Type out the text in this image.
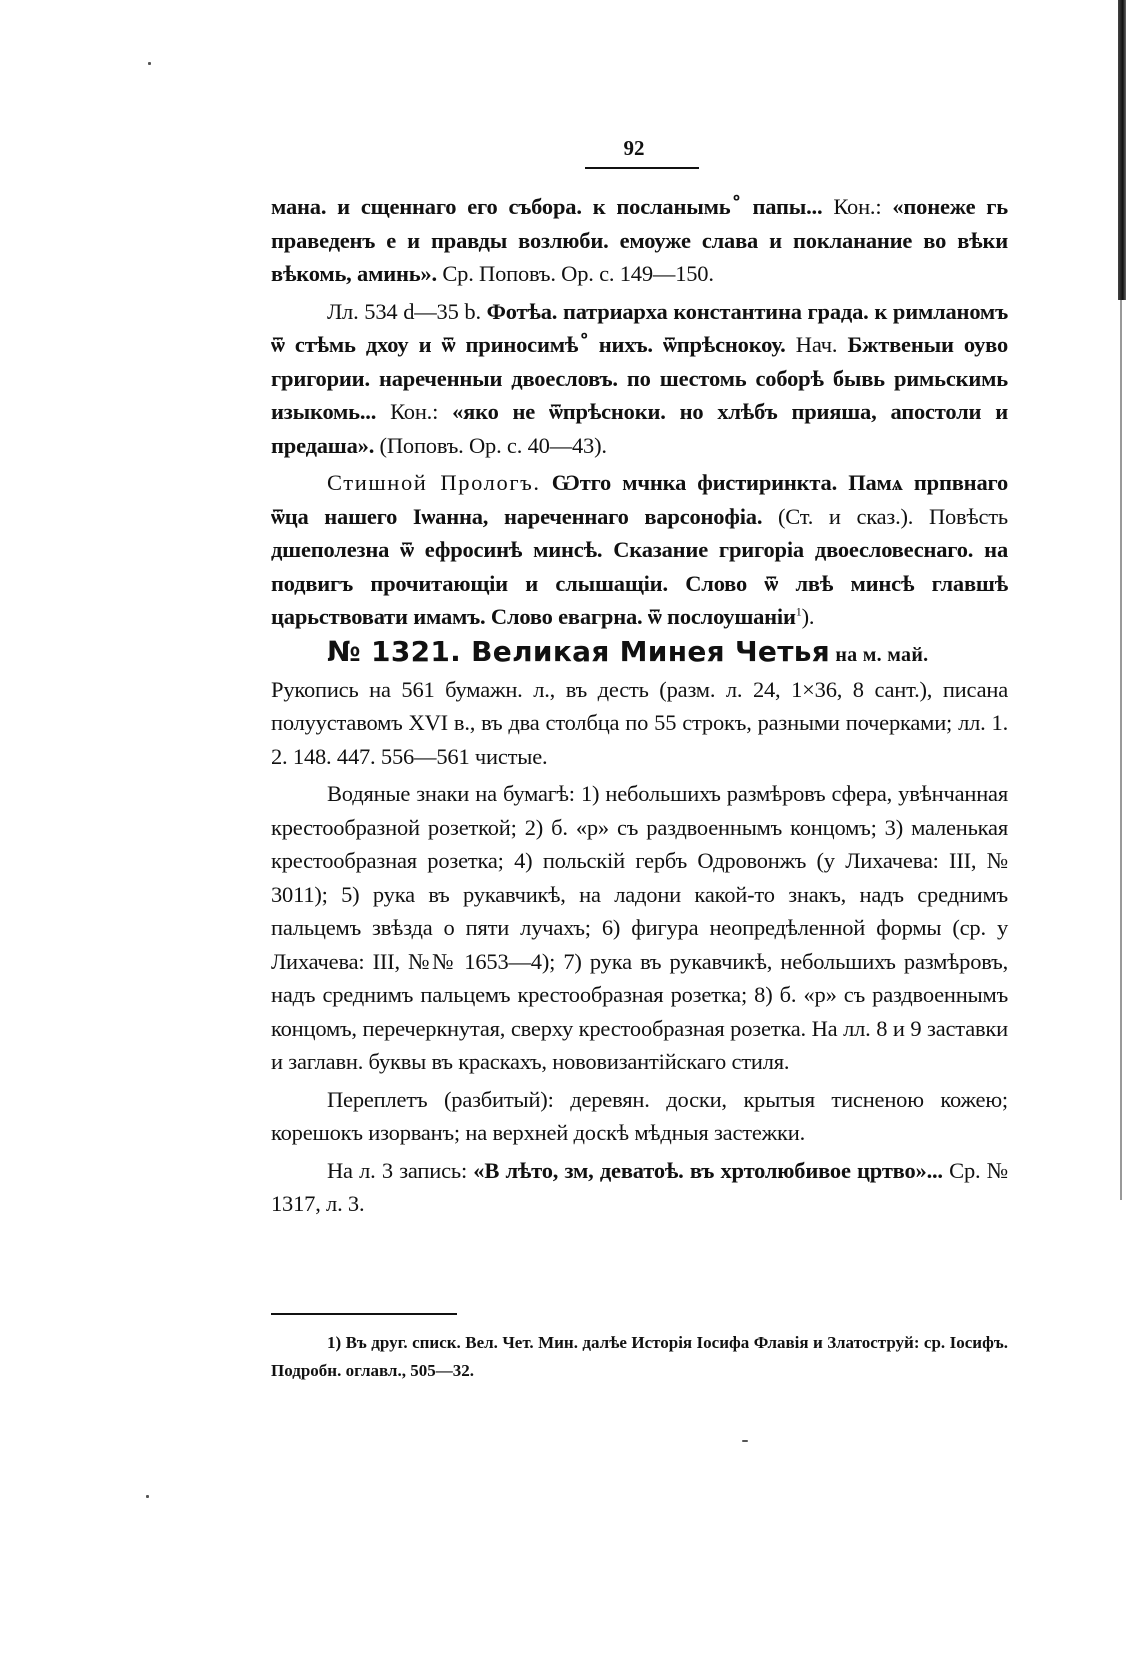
92

мана. и сщеннаго его събора. к посланымь ⷪ папы... Кон.: «понеже гь праведенъ е и правды возлюби. емоуже слава и покланание во вѣки вѣкомь, аминь». Ср. Поповъ. Ор. с. 149—150.

Лл. 534 d—35 b. Фотѣа. патриарха константина града. к римланомъ ѿ стѣмь дхоу и ѿ приносимѣ ⷪ нихъ. ѿпрѣснокоу. Нач. Бжтвеныи оуво григории. нареченныи двоесловъ. по шестомь соборѣ бывь римьскимь изыкомь... Кон.: «яко не ѿпрѣсноки. но хлѣбъ прияша, апостоли и предаша». (Поповъ. Ор. с. 40—43).

Стишной Прологъ. Ѡтго мчнка фистиринкта. Памѧ прпвнаго ѿца нашего Iѡанна, нареченнаго варсонофiа. (Ст. и сказ.). Повѣсть дшеполезна ѿ ефросинѣ минсѣ. Сказание григорiа двоесловеснаго. на подвигъ прочитающiи и слышащiи. Слово ѿ лвѣ минсѣ главшѣ царьствовати имамъ. Слово евагрна. ѿ послоушанiи$^1$).

№ 1321. Великая Минея Четья на м. май.

Рукопись на 561 бумажн. л., въ десть (разм. л. 24, 1×36, 8 сант.), писана полууставомъ XVI в., въ два столбца по 55 строкъ, разными почерками; лл. 1. 2. 148. 447. 556—561 чистые.

Водяные знаки на бумагѣ: 1) небольшихъ размѣровъ сфера, увѣнчанная крестообразной розеткой; 2) б. «р» съ раздвоеннымъ концомъ; 3) маленькая крестообразная розетка; 4) польскiй гербъ Одровонжъ (у Лихачева: III, № 3011); 5) рука въ рукавчикѣ, на ладони какой-то знакъ, надъ среднимъ пальцемъ звѣзда о пяти лучахъ; 6) фигура неопредѣленной формы (ср. у Лихачева: III, №№ 1653—4); 7) рука въ рукавчикѣ, небольшихъ размѣровъ, надъ среднимъ пальцемъ крестообразная розетка; 8) б. «р» съ раздвоеннымъ концомъ, перечеркнутая, сверху крестообразная розетка. На лл. 8 и 9 заставки и заглавн. буквы въ краскахъ, нововизантiйскаго стиля.

Переплетъ (разбитый): деревян. доски, крытыя тисненою кожею; корешокъ изорванъ; на верхней доскѣ мѣдныя застежки.

На л. 3 запись: «В лѣто, зм, деватоѣ. въ хртолюбивое цртво»... Ср. № 1317, л. 3.

1) Въ друг. списк. Вел. Чет. Мин. далѣе Исторiя Iосифа Флавiя и Златоструй: ср. Iосифъ. Подробн. оглавл., 505—32.
